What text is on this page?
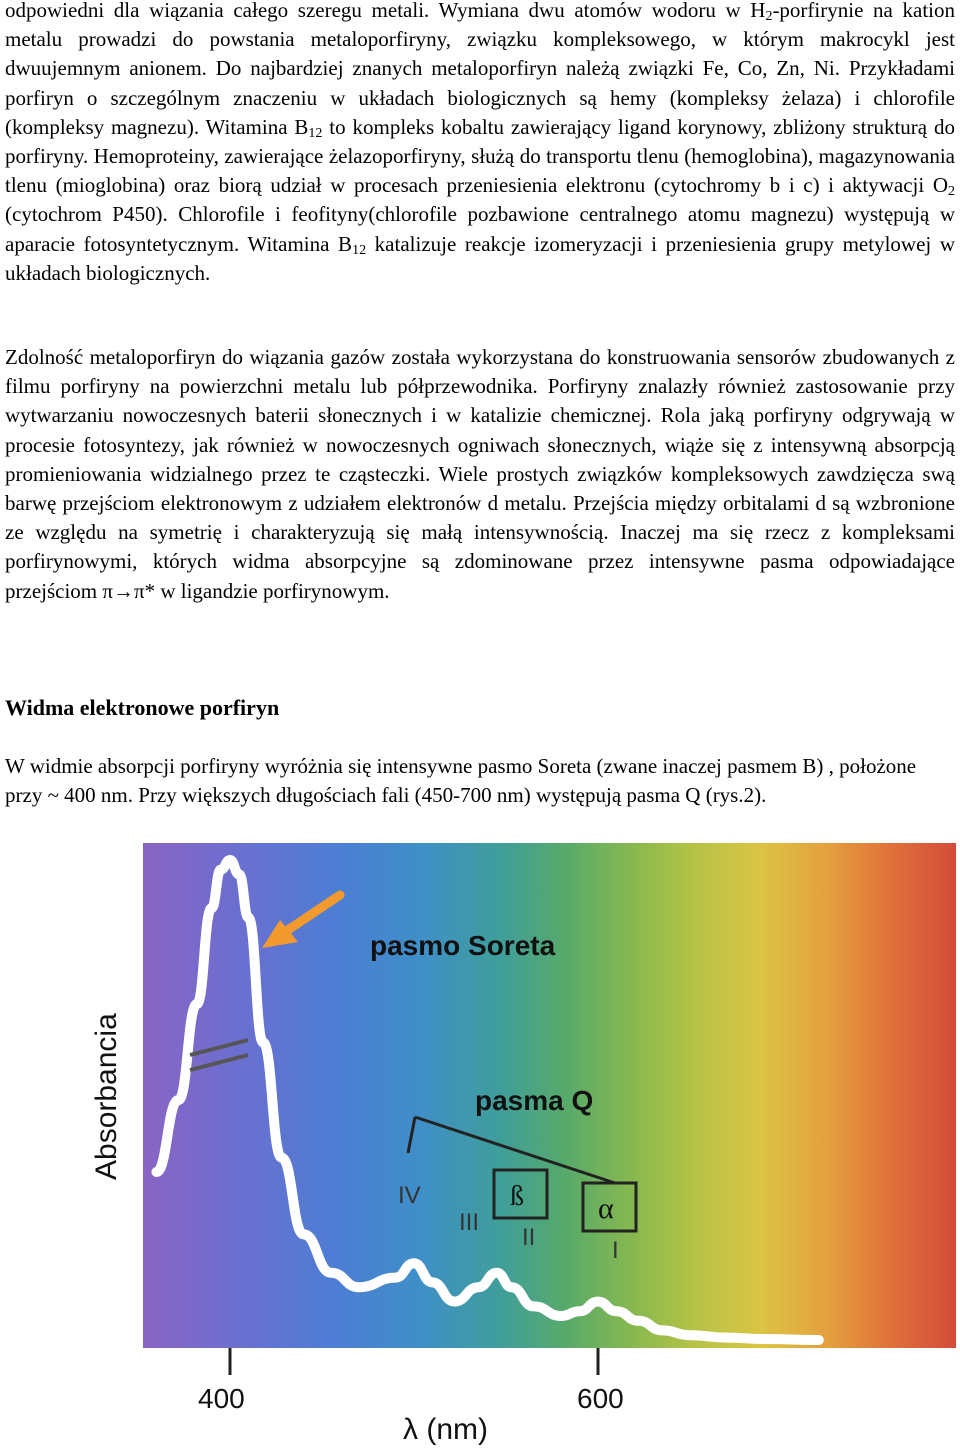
odpowiedni dla wiązania całego szeregu metali. Wymiana dwu atomów wodoru w $H_2$-porfirynie na kation metalu prowadzi do powstania metaloporfiryny, związku kompleksowego, w którym makrocykl jest dwuujemnym anionem. Do najbardziej znanych metaloporfiryn należą związki Fe, Co, Zn, Ni. Przykładami porfiryn o szczególnym znaczeniu w układach biologicznych są hemy (kompleksy żelaza) i chlorofile (kompleksy magnezu). Witamina $B_{12}$ to kompleks kobaltu zawierający ligand korynowy, zbliżony strukturą do porfiryny. Hemoproteiny, zawierające żelazoporfiryny, służą do transportu tlenu (hemoglobina), magazynowania tlenu (mioglobina) oraz biorą udział w procesach przeniesienia elektronu (cytochromy b i c) i aktywacji $O_2$ (cytochrom P450). Chlorofile i feofityny(chlorofile pozbawione centralnego atomu magnezu) występują w aparacie fotosyntetycznym. Witamina $B_{12}$ katalizuje reakcje izomeryzacji i przeniesienia grupy metylowej w układach biologicznych.

Zdolność metaloporfiryn do wiązania gazów została wykorzystana do konstruowania sensorów zbudowanych z filmu porfiryny na powierzchni metalu lub półprzewodnika. Porfiryny znalazły również zastosowanie przy wytwarzaniu nowoczesnych baterii słonecznych i w katalizie chemicznej. Rola jaką porfiryny odgrywają w procesie fotosyntezy, jak również w nowoczesnych ogniwach słonecznych, wiąże się z intensywną absorpcją promieniowania widzialnego przez te cząsteczki. Wiele prostych związków kompleksowych zawdzięcza swą barwę przejściom elektronowym z udziałem elektronów d metalu. Przejścia między orbitalami d są wzbronione ze względu na symetrię i charakteryzują się małą intensywnością. Inaczej ma się rzecz z kompleksami porfirynowymi, których widma absorpcyjne są zdominowane przez intensywne pasma odpowiadające przejściom π→π* w ligandzie porfirynowym.

Widma elektronowe porfiryn

W widmie absorpcji porfiryny wyróżnia się intensywne pasmo Soreta (zwane inaczej pasmem B) , położone przy ~ 400 nm. Przy większych długościach fali (450-700 nm) występują pasma Q (rys.2).

pasmo Soreta
pasma Q
ß α
IV
III
II	I
Absorbancia
400	600
λ (nm)
